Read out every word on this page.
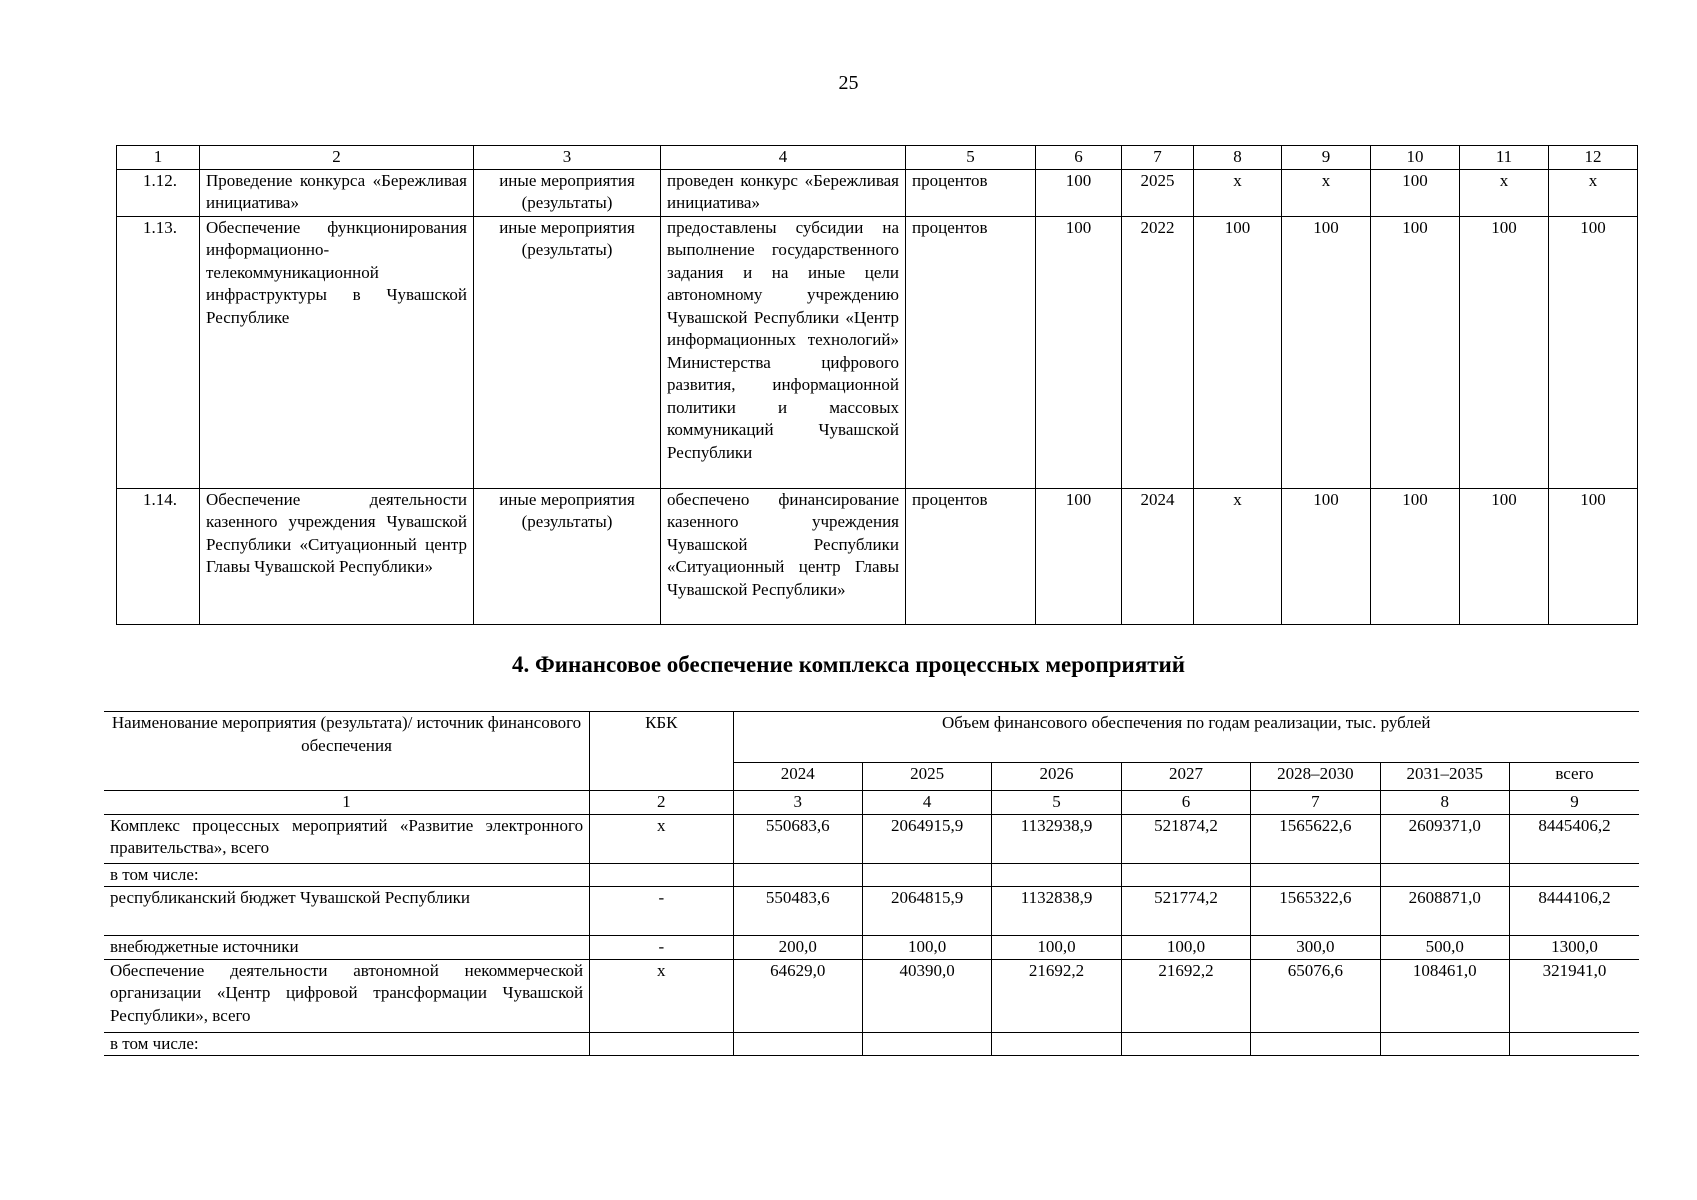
25
1	2	3	4	5	6	7	8	9	10	11	12
1.12.	Проведение конкурса «Бережливая инициатива»	иные мероприятия (результаты)	проведен конкурс «Бережливая инициатива»	процентов	100	2025	х	х	100	х	х
1.13.	Обеспечение функционирования информационно-телекоммуникационной инфраструктуры в Чувашской Республике	иные мероприятия (результаты)	предоставлены субсидии на выполнение государственного задания и на иные цели автономному учреждению Чувашской Республики «Центр информационных технологий» Министерства цифрового развития, информационной политики и массовых коммуникаций Чувашской Республики	процентов	100	2022	100	100	100	100	100
1.14.	Обеспечение деятельности казенного учреждения Чувашской Республики «Ситуационный центр Главы Чувашской Республики»	иные мероприятия (результаты)	обеспечено финансирование казенного учреждения Чувашской Республики «Ситуационный центр Главы Чувашской Республики»	процентов	100	2024	х	100	100	100	100
4. Финансовое обеспечение комплекса процессных мероприятий
Наименование мероприятия (результата)/ источник финансового обеспечения	КБК	Объем финансового обеспечения по годам реализации, тыс. рублей						
		2024	2025	2026	2027	2028–2030	2031–2035	всего
1	2	3	4	5	6	7	8	9
Комплекс процессных мероприятий «Развитие электронного правительства», всего	х	550683,6	2064915,9	1132938,9	521874,2	1565622,6	2609371,0	8445406,2
в том числе:								
республиканский бюджет Чувашской Республики	-	550483,6	2064815,9	1132838,9	521774,2	1565322,6	2608871,0	8444106,2
внебюджетные источники	-	200,0	100,0	100,0	100,0	300,0	500,0	1300,0
Обеспечение деятельности автономной некоммерческой организации «Центр цифровой трансформации Чувашской Республики», всего	х	64629,0	40390,0	21692,2	21692,2	65076,6	108461,0	321941,0
в том числе:								
